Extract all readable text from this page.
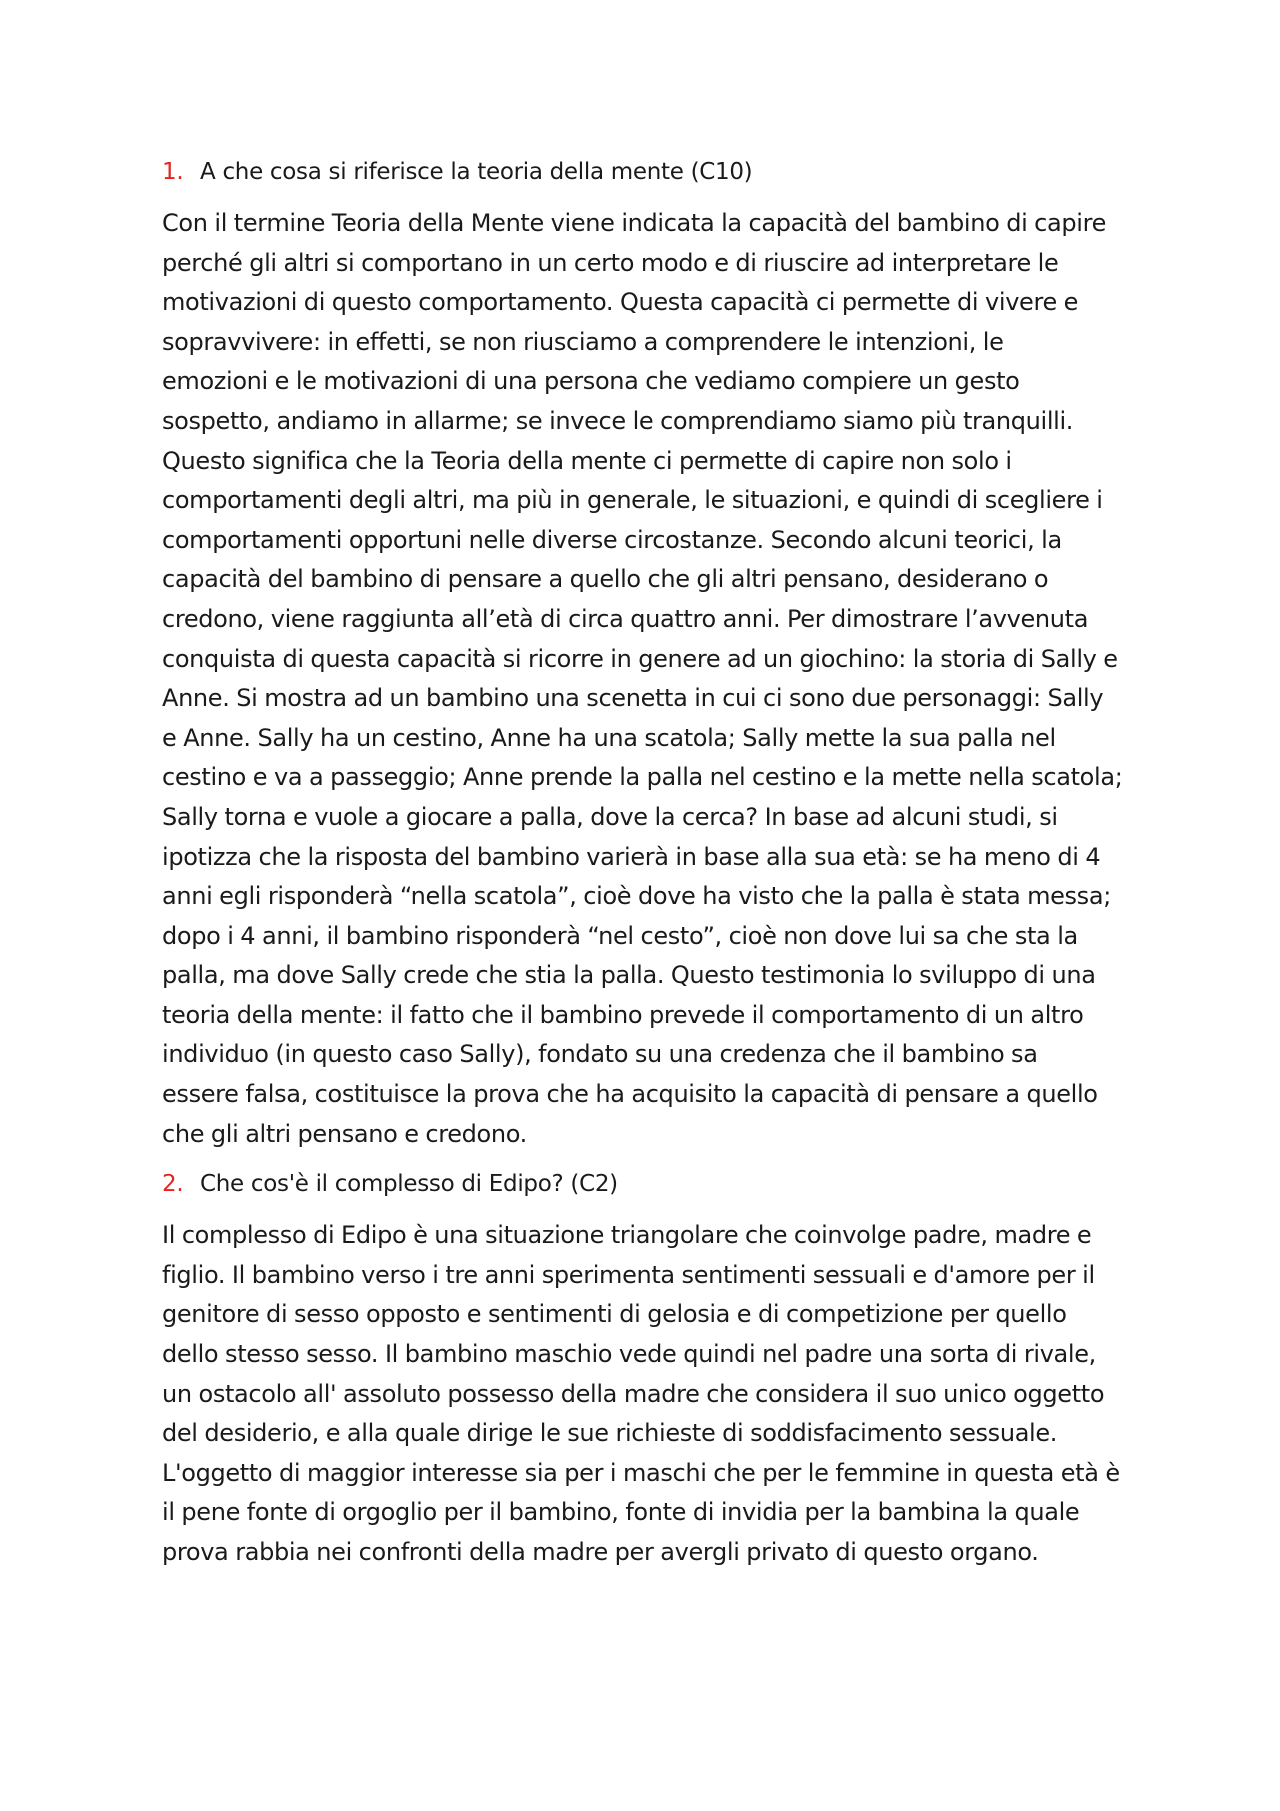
1. A che cosa si riferisce la teoria della mente (C10)
Con il termine Teoria della Mente viene indicata la capacità del bambino di capire
perché gli altri si comportano in un certo modo e di riuscire ad interpretare le
motivazioni di questo comportamento. Questa capacità ci permette di vivere e
sopravvivere: in effetti, se non riusciamo a comprendere le intenzioni, le
emozioni e le motivazioni di una persona che vediamo compiere un gesto
sospetto, andiamo in allarme; se invece le comprendiamo siamo più tranquilli.
Questo significa che la Teoria della mente ci permette di capire non solo i
comportamenti degli altri, ma più in generale, le situazioni, e quindi di scegliere i
comportamenti opportuni nelle diverse circostanze. Secondo alcuni teorici, la
capacità del bambino di pensare a quello che gli altri pensano, desiderano o
credono, viene raggiunta all’età di circa quattro anni. Per dimostrare l’avvenuta
conquista di questa capacità si ricorre in genere ad un giochino: la storia di Sally e
Anne. Si mostra ad un bambino una scenetta in cui ci sono due personaggi: Sally
e Anne. Sally ha un cestino, Anne ha una scatola; Sally mette la sua palla nel
cestino e va a passeggio; Anne prende la palla nel cestino e la mette nella scatola;
Sally torna e vuole a giocare a palla, dove la cerca? In base ad alcuni studi, si
ipotizza che la risposta del bambino varierà in base alla sua età: se ha meno di 4
anni egli risponderà “nella scatola”, cioè dove ha visto che la palla è stata messa;
dopo i 4 anni, il bambino risponderà “nel cesto”, cioè non dove lui sa che sta la
palla, ma dove Sally crede che stia la palla. Questo testimonia lo sviluppo di una
teoria della mente: il fatto che il bambino prevede il comportamento di un altro
individuo (in questo caso Sally), fondato su una credenza che il bambino sa
essere falsa, costituisce la prova che ha acquisito la capacità di pensare a quello
che gli altri pensano e credono.
2. Che cos'è il complesso di Edipo? (C2)
Il complesso di Edipo è una situazione triangolare che coinvolge padre, madre e
figlio. Il bambino verso i tre anni sperimenta sentimenti sessuali e d'amore per il
genitore di sesso opposto e sentimenti di gelosia e di competizione per quello
dello stesso sesso. Il bambino maschio vede quindi nel padre una sorta di rivale,
un ostacolo all' assoluto possesso della madre che considera il suo unico oggetto
del desiderio, e alla quale dirige le sue richieste di soddisfacimento sessuale.
L'oggetto di maggior interesse sia per i maschi che per le femmine in questa età è
il pene fonte di orgoglio per il bambino, fonte di invidia per la bambina la quale
prova rabbia nei confronti della madre per avergli privato di questo organo.
